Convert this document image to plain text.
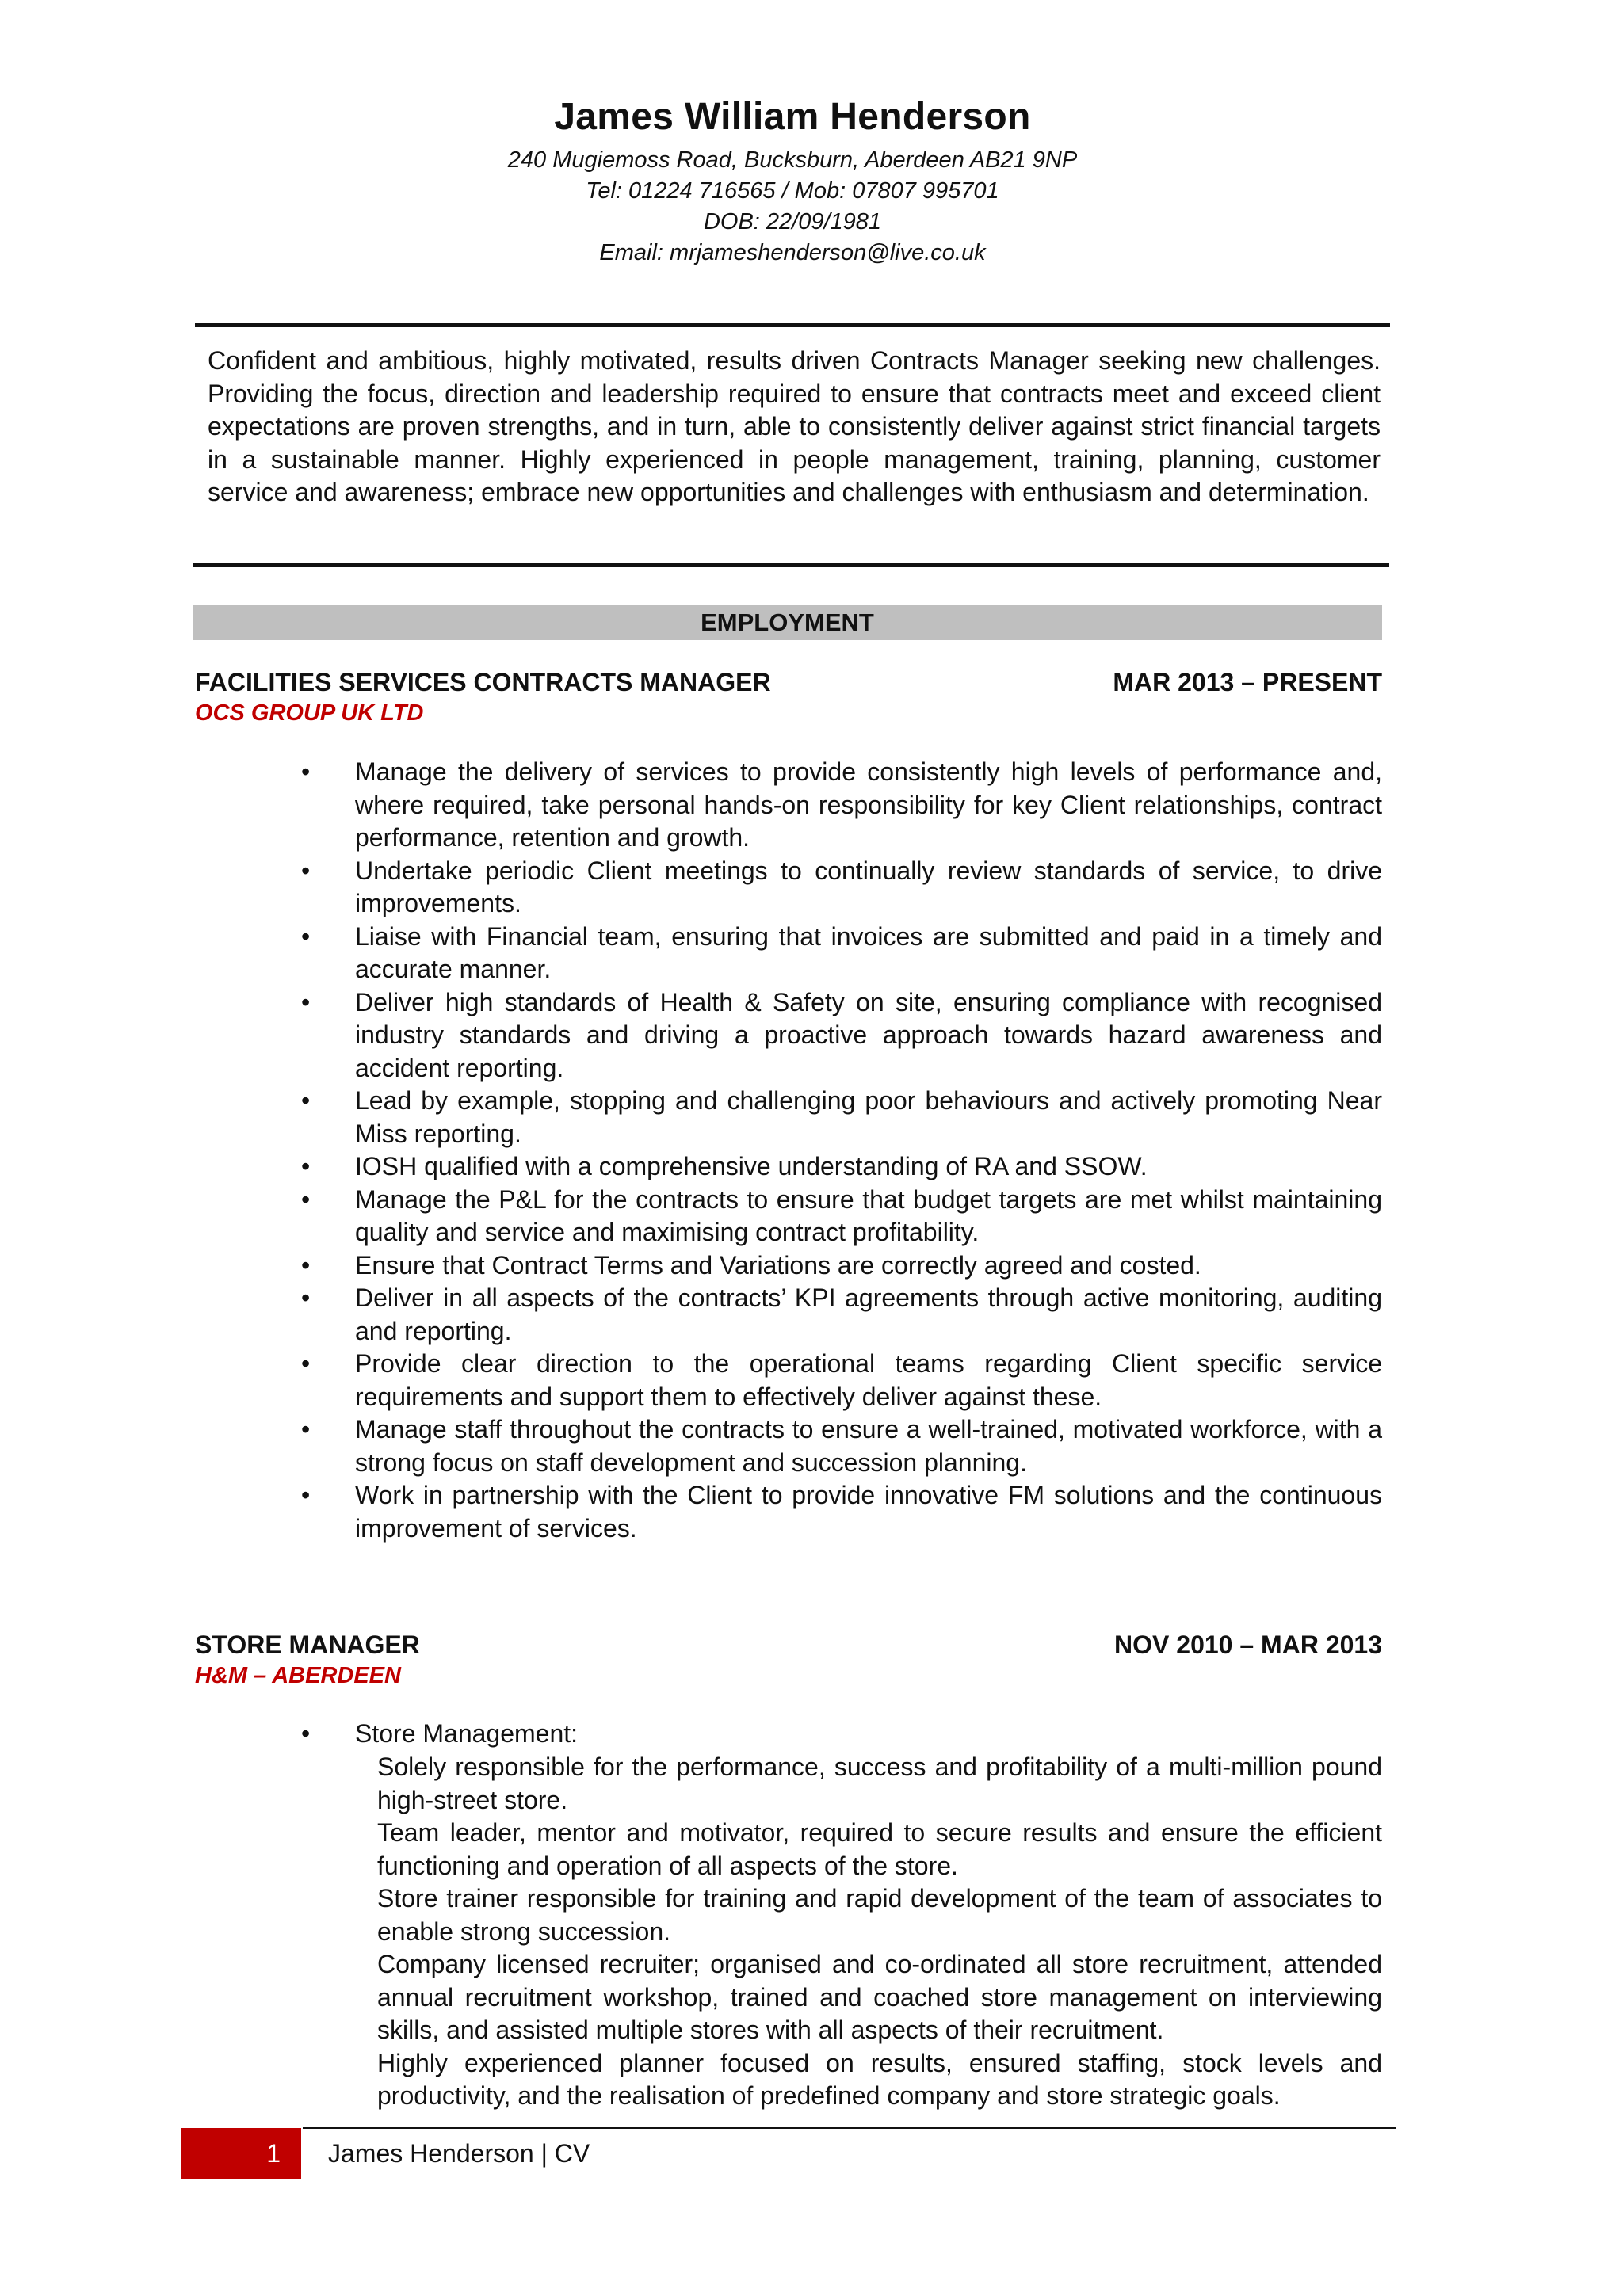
James William Henderson
240 Mugiemoss Road, Bucksburn, Aberdeen AB21 9NP
Tel: 01224 716565 / Mob: 07807 995701
DOB: 22/09/1981
Email: mrjameshenderson@live.co.uk

Confident and ambitious, highly motivated, results driven Contracts Manager seeking new challenges. Providing the focus, direction and leadership required to ensure that contracts meet and exceed client expectations are proven strengths, and in turn, able to consistently deliver against strict financial targets in a sustainable manner. Highly experienced in people management, training, planning, customer service and awareness; embrace new opportunities and challenges with enthusiasm and determination.

EMPLOYMENT
FACILITIES SERVICES CONTRACTS MANAGER	MAR 2013 – PRESENT
OCS GROUP UK LTD
• Manage the delivery of services to provide consistently high levels of performance and, where required, take personal hands-on responsibility for key Client relationships, contract performance, retention and growth.
• Undertake periodic Client meetings to continually review standards of service, to drive improvements.
• Liaise with Financial team, ensuring that invoices are submitted and paid in a timely and accurate manner.
• Deliver high standards of Health & Safety on site, ensuring compliance with recognised industry standards and driving a proactive approach towards hazard awareness and accident reporting.
• Lead by example, stopping and challenging poor behaviours and actively promoting Near Miss reporting.
• IOSH qualified with a comprehensive understanding of RA and SSOW.
• Manage the P&L for the contracts to ensure that budget targets are met whilst maintaining quality and service and maximising contract profitability.
• Ensure that Contract Terms and Variations are correctly agreed and costed.
• Deliver in all aspects of the contracts’ KPI agreements through active monitoring, auditing and reporting.
• Provide clear direction to the operational teams regarding Client specific service requirements and support them to effectively deliver against these.
• Manage staff throughout the contracts to ensure a well-trained, motivated workforce, with a strong focus on staff development and succession planning.
• Work in partnership with the Client to provide innovative FM solutions and the continuous improvement of services.
STORE MANAGER	NOV 2010 – MAR 2013
H&M – ABERDEEN
• Store Management:
Solely responsible for the performance, success and profitability of a multi-million pound high-street store.
Team leader, mentor and motivator, required to secure results and ensure the efficient functioning and operation of all aspects of the store.
Store trainer responsible for training and rapid development of the team of associates to enable strong succession.
Company licensed recruiter; organised and co-ordinated all store recruitment, attended annual recruitment workshop, trained and coached store management on interviewing skills, and assisted multiple stores with all aspects of their recruitment.
Highly experienced planner focused on results, ensured staffing, stock levels and productivity, and the realisation of predefined company and store strategic goals.
1	James Henderson | CV
